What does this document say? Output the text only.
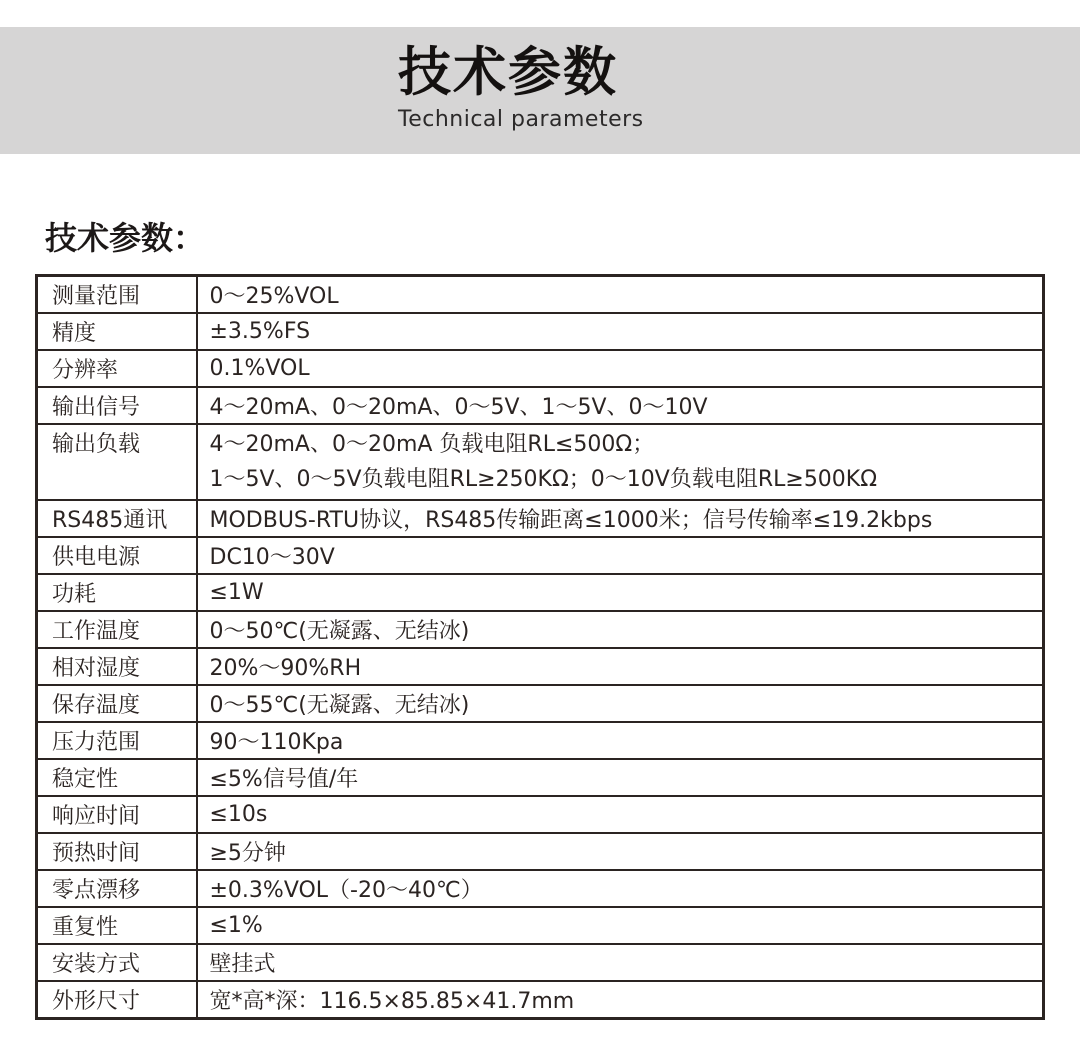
技术参数
Technical parameters
技术参数：
测量范围	0～25%VOL
精度	±3.5%FS
分辨率	0.1%VOL
输出信号	4～20mA、0～20mA、0～5V、1～5V、0～10V
输出负载	4～20mA、0～20mA 负载电阻RL≤500Ω；
1～5V、0～5V负载电阻RL≥250KΩ；0～10V负载电阻RL≥500KΩ

RS485通讯	MODBUS-RTU协议，RS485传输距离≤1000米；信号传输率≤19.2kbps
供电电源	DC10～30V
功耗	≤1W
工作温度	0～50℃(无凝露、无结冰)
相对湿度	20%～90%RH
保存温度	0～55℃(无凝露、无结冰)
压力范围	90～110Kpa
稳定性	≤5%信号值/年
响应时间	≤10s
预热时间	≥5分钟
零点漂移	±0.3%VOL（-20～40℃）
重复性	≤1%
安装方式	壁挂式
外形尺寸	宽*高*深：116.5×85.85×41.7mm
